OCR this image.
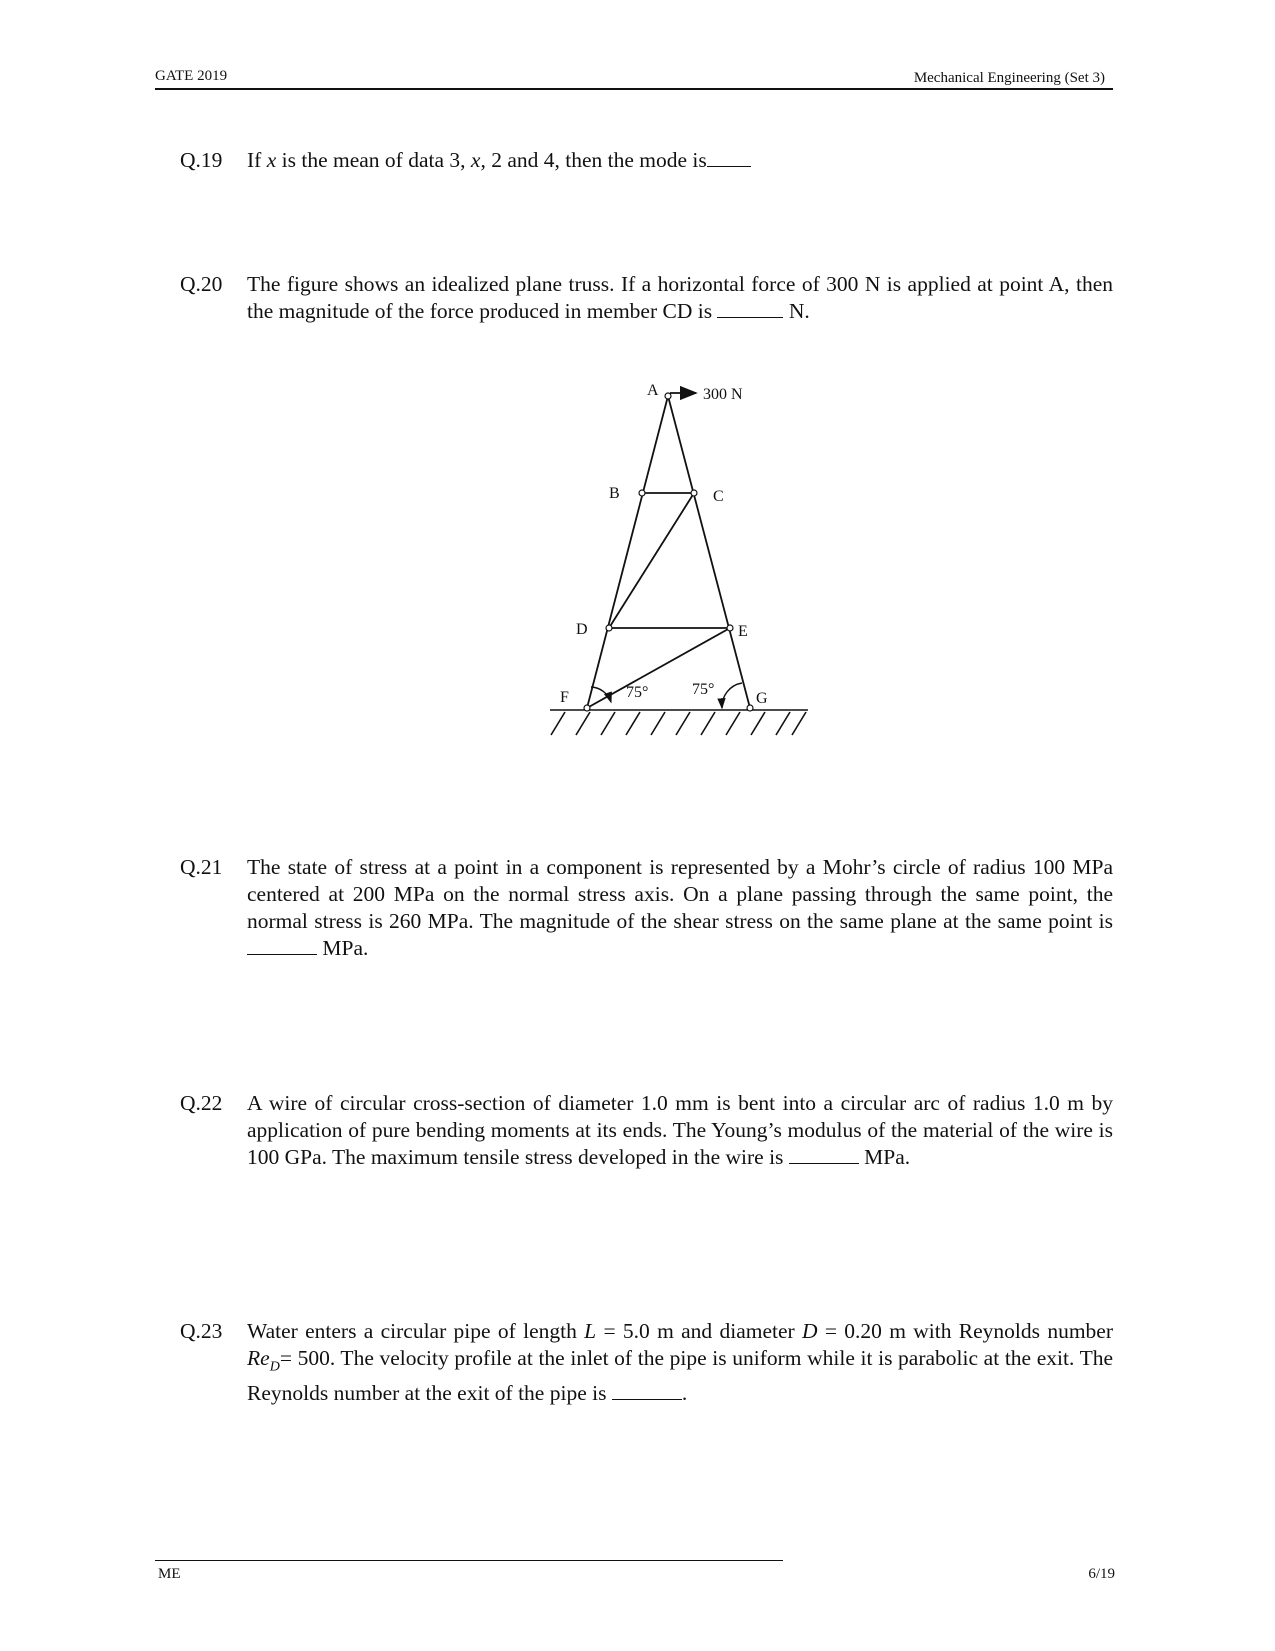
GATE 2019	Mechanical Engineering (Set 3)
Q.19 If x is the mean of data 3, x, 2 and 4, then the mode is
Q.20 The figure shows an idealized plane truss. If a horizontal force of 300 N is applied at point A, then the magnitude of the force produced in member CD is	N.
A	300 N
B	C
D	E
F	G
75°	75°
Q.21 The state of stress at a point in a component is represented by a Mohr’s circle of radius 100 MPa centered at 200 MPa on the normal stress axis. On a plane passing through the same point, the normal stress is 260 MPa. The magnitude of the shear stress on the same plane at the same point is  MPa.
Q.22 A wire of circular cross-section of diameter 1.0 mm is bent into a circular arc of radius 1.0 m by application of pure bending moments at its ends. The Young’s modulus of the material of the wire is 100 GPa. The maximum tensile stress developed in the wire is	MPa.
Q.23 Water enters a circular pipe of length L = 5.0 m and diameter D = 0.20 m with Reynolds number $Re_D= 500$. The velocity profile at the inlet of the pipe is uniform while it is parabolic at the exit. The Reynolds number at the exit of the pipe is	.
ME	6/19
